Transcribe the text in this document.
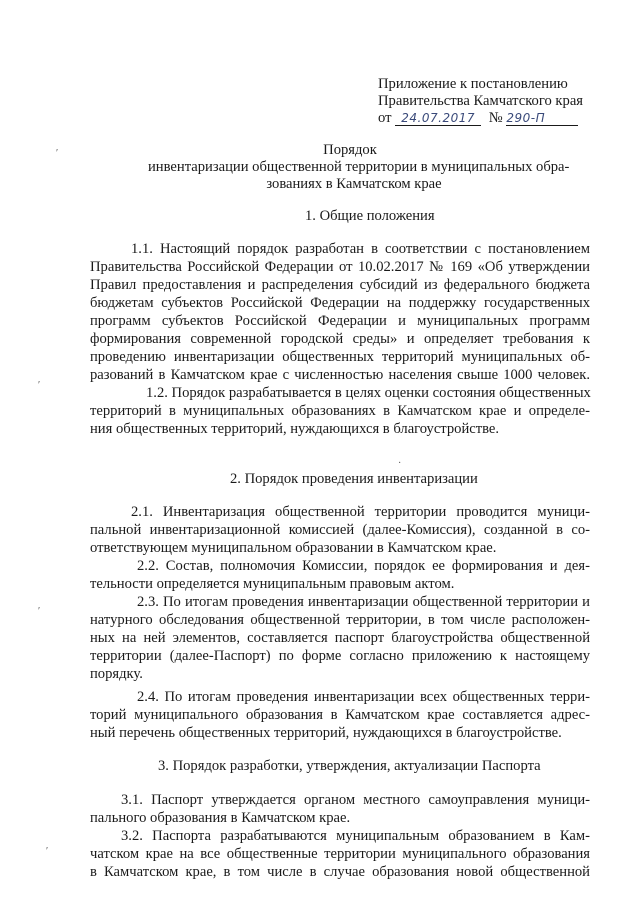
Приложение к постановлению

Правительства Камчатского края

от 24.07.2017 № 290-П

Порядок

инвентаризации общественной территории в муниципальных обра-

зованиях в Камчатском крае

1. Общие положения

1.1. Настоящий порядок разработан в соответствии с постановлением

Правительства Российской Федерации от 10.02.2017 № 169 «Об утверждении

Правил предоставления и распределения субсидий из федерального бюджета

бюджетам субъектов Российской Федерации на поддержку государственных

программ субъектов Российской Федерации и муниципальных программ

формирования современной городской среды» и определяет требования к

проведению инвентаризации общественных территорий муниципальных об-

разований в Камчатском крае с численностью населения свыше 1000 человек.

1.2. Порядок разрабатывается в целях оценки состояния общественных

территорий в муниципальных образованиях в Камчатском крае и определе-

ния общественных территорий, нуждающихся в благоустройстве.

2. Порядок проведения инвентаризации

2.1. Инвентаризация общественной территории проводится муници-

пальной инвентаризационной комиссией (далее-Комиссия), созданной в со-

ответствующем муниципальном образовании в Камчатском крае.

2.2. Состав, полномочия Комиссии, порядок ее формирования и дея-

тельности определяется муниципальным правовым актом.

2.3. По итогам проведения инвентаризации общественной территории и

натурного обследования общественной территории, в том числе расположен-

ных на ней элементов, составляется паспорт благоустройства общественной

территории (далее-Паспорт) по форме согласно приложению к настоящему

порядку.

2.4. По итогам проведения инвентаризации всех общественных терри-

торий муниципального образования в Камчатском крае составляется адрес-

ный перечень общественных территорий, нуждающихся в благоустройстве.

3. Порядок разработки, утверждения, актуализации Паспорта

3.1. Паспорт утверждается органом местного самоуправления муници-

пального образования в Камчатском крае.

3.2. Паспорта разрабатываются муниципальным образованием в Кам-

чатском крае на все общественные территории муниципального образования

в Камчатском крае, в том числе в случае образования новой общественной

′
′
′
′
·
